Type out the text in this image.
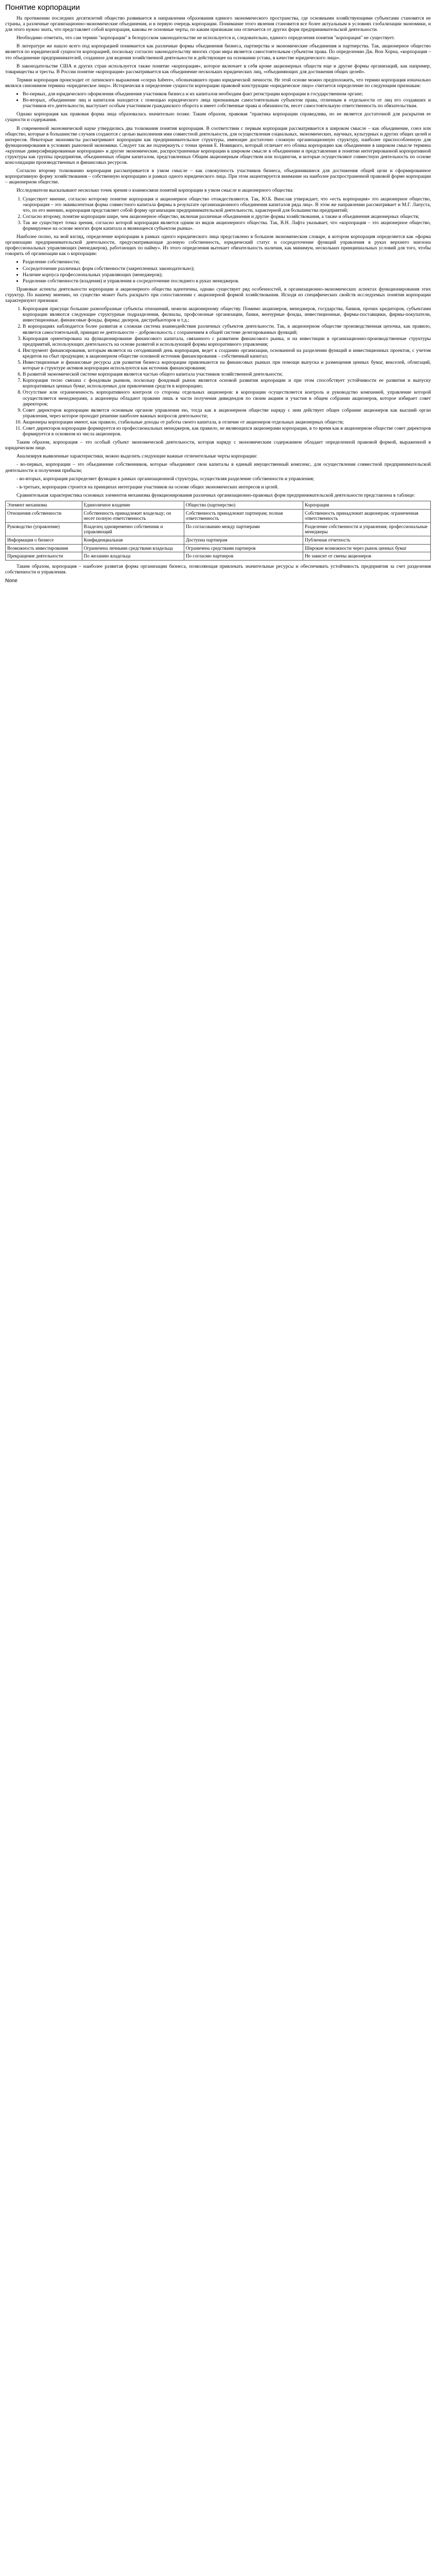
Понятие корпорации

На протяжении последних десятилетий общество развивается в направлении образования единого экономического пространства, где основными хозяйствующими субъектами становятся не страны, а различные организационно-экономические объединения, и в первую очередь корпорации. Понимание этого явления становится все более актуальным в условиях глобализации экономики, и для этого нужно знать, что представляет собой корпорация, каковы ее основные черты, по каким признакам она отличается от других форм предпринимательской деятельности.

Необходимо отметить, что сам термин "корпорация" в белорусском законодательстве не используется и, следовательно, единого определения понятия "корпорация" не существует.

В литературе же нашло всего под корпорацией понимается как различные формы объединения бизнеса, партнерства и экономические объединения и партнерства. Так, акционерное общество является по юридической сущности корпорацией, поскольку согласно законодательству многих стран мира является самостоятельным субъектом права. По определению Дж. Вон Хорна, «корпорация – это объединение предпринимателей, созданное для ведения хозяйственной деятельности и действующее на основании устава, в качестве юридического лица».

В законодательстве США и других стран используется также понятие «корпорация», которое включает в себя кроме акционерных обществ еще и другие формы организаций, как например, товарищества и тресты. В России понятие «корпорация» рассматривается как объединение нескольких юридических лиц, «объединяющих для достижения общих целей».

Термин корпорация происходит от латинского выражения «corpus habere», обозначавшего право юридической личности. Не этой основе можно предположить, что термин корпорация изначально являлся синонимом термина «юридическое лицо». Исторически в определение сущности корпорации правовой конструкции «юридическое лицо» считается определение по следующим признакам:

• Во-первых, для юридического оформления объединения участников бизнеса и их капиталов необходим факт регистрации корпорации в государственном органе;
• Во-вторых, объединение лиц и капиталов находится с помощью юридического лица признанным самостоятельным субъектом права, отличным в отдельности от лиц его создавших и участников его деятельности, выступает особым участником гражданского оборота и имеет собственные права и обязанности, несет самостоятельную ответственность по обязательствам.

Однако корпорация как правовая форма лица образовалась значительно позже. Таким образом, правовая "практика корпорации справедлива, но не является достаточной для раскрытия ее сущности и содержания.

В современной экономической науке утвердились два толкования понятия корпорация. В соответствии с первым корпорация рассматривается в широком смысле – как объединение, союз или общество, которые в большинстве случаев создаются с целью выполнения ими совместной деятельности, для осуществления социальных, экономических, научных, культурных и других общих целей и интересов. Некоторые экономисты рассматривают корпорации как предпринимательское структуры, имеющие достаточно сложную организационную структуру, наиболее приспособленную для функционирования в условиях рыночной экономики. Следует так же подчеркнуть с точки зрения Е. Новицкого, который отличает его облика корпорацию как объединение в широком смысле термина «крупные диверсифицированные корпорации» и другие экономические, распространенные корпорации в широком смысле в объединении и представлении в понятии интегрированной корпоративной структуры как группы предприятия, объединенных общим капиталом, представленных Общим акционерным обществом или холдингом, и которые осуществляют совместную деятельность по основе консолидации производственных и финансовых ресурсов.

Согласно второму толкованию корпорация рассматривается в узком смысле – как совокупность участников бизнеса, объединившиеся для достижения общей цели и сформированное корпоративную форму хозяйствования – собственную корпорацию и рамках одного юридического лица. При этом акцентируется внимание на наиболее распространенной правовой форме корпорации – акционерном обществе.

Исследователи высказывают несколько точек зрения о взаимосвязи понятий корпорации в узком смысле и акционерного общества:

1. Существует мнение, согласно которому понятие корпорация и акционерное общество отождествляются. Так, Ю.Б. Винслав утверждает, что «есть корпорация» это акционерное общество, «корпорация – это эквивалентная форма совместного капитала фирмы в результате организационного объединения капиталов ряда лиц». В этом же направлении рассматривает и М.Г. Лапуста, что, по его мнению, корпорация представляет собой форму организации предпринимательской деятельности, характерной для большинства предприятий;
2. Согласно второму, понятие корпорации шире, чем акционерное общество, включая различные объединения и другие формы хозяйствования, а также и объединения акционерных обществ;
3. Так же существует точка зрения, согласно которой корпорация является одним из видов акционерного общества. Так, В.Н. Лафта указывает, что «корпорация – это акционерное общество, формируемое на основе многих форм капитала и являющееся субъектом рынка».

Наиболее полно, на мой взгляд, определение корпорации в рамках одного юридического лица представлено в большом экономическом словаре, в котором корпорация определяется как «форма организации предпринимательской деятельности, предусматривающая долевую собственность, юридический статус и сосредоточение функций управления в руках верхнего эшелона профессиональных управляющих (менеджеров), работающих по найму». Из этого определения вытекает обязательность наличия, как минимум, нескольких принципиальных условий для того, чтобы говорить об организации как о корпорации:

• Разделение собственности;
• Сосредоточение различных форм собственности (закрепленных законодательно);
• Наличие корпуса профессиональных управляющих (менеджеров);
• Разделение собственности (владения) и управления и сосредоточение последнего в руках менеджеров.

Правовые аспекты деятельности корпорации и акционерного общества идентичны, однако существует ряд особенностей, в организационно-экономических аспектах функционирования этих структур. По нашему мнению, их существо может быть раскрыто при сопоставлении с акционерной формой хозяйствования. Исходя из специфических свойств исследуемых понятия корпорации характеризуют признаки:

1. Корпорация присущи большие разнообразные субъекты отношений, нежели акционерному обществу. Помимо акционеров, менеджеров, государства, банков, прочих кредиторов, субъектами корпорации являются следующие структурные подразделения, филиалы, профсоюзные организации, банки, венчурные фонды, инвестиционные, фирмы-поставщики, фирмы-покупатели, инвестиционные, финансовые фонды, фирмы; дилеров, дистрибьюторов и т.д.;
2. В корпорациях наблюдается более развитая и сложная система взаимодействия различных субъектов деятельности. Так, в акционерном обществе производственная цепочка, как правило, является самостоятельной, принцип ее деятельности – добровольность с сохранением в общей системе делегированных функций;
3. Корпорация ориентирована на функционирование финансового капитала, связанного с развитием финансового рынка, и на инвестиции в организационно-производственные структуры предприятий, использующих деятельность на основе развитой и использующей формы корпоративного управления;
4. Инструмент финансирования, которым является на сегодняшний день корпорация, ведет к созданию организации, основанной на разделении функций и инвестиционных проектов, с учетом кредитов на сбыт продукции; в акционерном обществе основной источник финансирования – собственный капитал;
5. Инвестиционные и финансовые ресурсы для развития бизнеса корпорации привлекаются на финансовых рынках при помощи выпуска и размещения ценных бумаг, векселей, облигаций, которые в структуре активов корпорации используются как источник финансирования;
6. В развитой экономической системе корпорация является частью общего капитала участников хозяйственной деятельности;
7. Корпорация тесно связана с фондовым рынком, поскольку фондовый рынок является основой развития корпорации и при этом способствует устойчивости ее развития и выпуску корпоративных ценных бумаг, используемых для привлечения средств в корпорацию;
8. Отсутствие или ограниченность корпоративного контроля со стороны отдельных акционеров: в корпорации осуществляется контроль и руководство компанией, управление которой осуществляется менеджерами, а акционеры обладают правами лишь в части получения дивидендов по своим акциям и участия в общем собрании акционеров, которое избирает совет директоров;
9. Совет директоров корпорации является основным органом управления ею, тогда как в акционерном обществе наряду с ним действует общее собрание акционеров как высший орган управления, через которое проходит решение наиболее важных вопросов деятельности;
10. Акционеры корпорации имеют, как правило, стабильные доходы от работы своего капитала, в отличие от акционеров отдельных акционерных обществ;
11. Совет директоров корпорации формируется из профессиональных менеджеров, как правило, не являющихся акционерами корпорации, в то время как в акционерном обществе совет директоров формируется в основном из числа акционеров.

Таким образом, корпорация – это особый субъект экономической деятельности, которая наряду с экономическим содержанием обладает определенной правовой формой, выраженной в юридическом лице.

Анализируя выявленные характеристики, можно выделить следующие важные отличительные черты корпорации:

- во-первых, корпорации – это объединение собственников, которые объединяют свои капиталы в единый имущественный комплекс, для осуществления совместной предпринимательской деятельности и получения прибыли;

- во-вторых, корпорация распределяет функции в рамках организационной структуры, осуществляя разделение собственности и управления;

- в-третьих, корпорация строится на принципах интеграции участников на основе общих экономических интересов и целей.

Сравнительная характеристика основных элементов механизма функционирования различных организационно-правовых форм предпринимательской деятельности представлена в таблице:

Элемент механизма	Единоличное владение	Общество (партнерство)	Корпорация
Отношения собственности	Собственность принадлежит владельцу; он несет полную ответственность	Собственность принадлежит партнерам; полная ответственность	Собственность принадлежит акционерам; ограниченная ответственность
Руководство (управление)	Владелец одновременно собственник и управляющий	По согласованию между партнерами	Разделение собственности и управления; профессиональные менеджеры
Информация о бизнесе	Конфиденциальная	Доступна партнерам	Публичная отчетность
Возможность инвестирования	Ограничена личными средствами владельца	Ограничена средствами партнеров	Широкие возможности через рынок ценных бумаг
Прекращение деятельности	По желанию владельца	По согласию партнеров	Не зависит от смены акционеров

Таким образом, корпорация – наиболее развитая форма организации бизнеса, позволяющая привлекать значительные ресурсы и обеспечивать устойчивость предприятия за счет разделения собственности и управления.

None
